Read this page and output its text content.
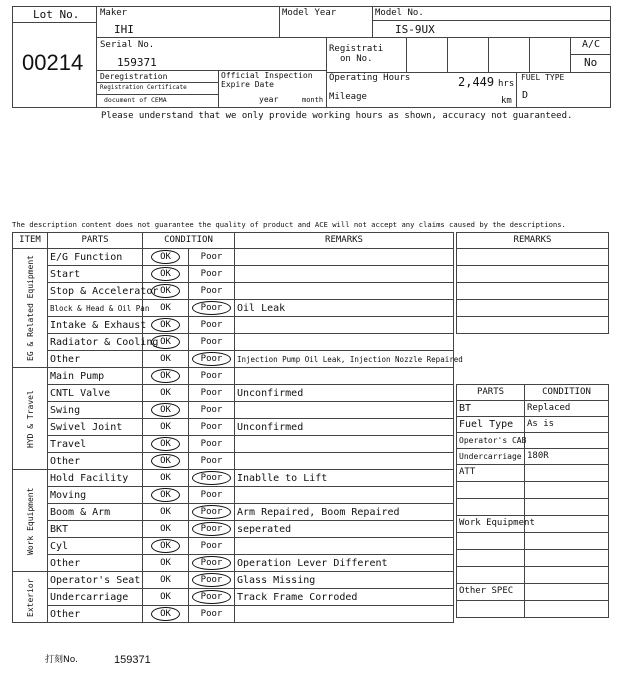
Lot No.
00214
Maker
IHI
Model Year	Model No.
IS-9UX
Serial No.
159371
Registrati
on No.
A/C
No
Deregistration
Registration Certificate
document of CEMA
Official Inspection
Expire Date
year	month
Operating Hours	2,449 hrs
Mileage	km
FUEL TYPE
D
Please understand that we only provide working hours as shown, accuracy not guaranteed.
The description content does not guarantee the quality of product and ACE will not accept any claims caused by the descriptions.
ITEM	PARTS	CONDITION		REMARKS
EG & Related Equipment	E/G Function	OK	Poor	
	Start	OK	Poor	
	Stop & Accelerator	OK	Poor	
	Block & Head & Oil Pan	OK	Poor	Oil Leak
	Intake & Exhaust	OK	Poor	
	Radiator & Cooling	OK	Poor	
	Other	OK	Poor	Injection Pump Oil Leak, Injection Nozzle Repaired
HYD & Travel	Main Pump	OK	Poor	
	CNTL Valve	OK	Poor	Unconfirmed
	Swing	OK	Poor	
	Swivel Joint	OK	Poor	Unconfirmed
	Travel	OK	Poor	
	Other	OK	Poor	
Work Equipment	Hold Facility	OK	Poor	Inablle to Lift
	Moving	OK	Poor	
	Boom & Arm	OK	Poor	Arm Repaired, Boom Repaired
	BKT	OK	Poor	seperated
	Cyl	OK	Poor	
	Other	OK	Poor	Operation Lever Different
Exterior	Operator's Seat	OK	Poor	Glass Missing
	Undercarriage	OK	Poor	Track Frame Corroded
	Other	OK	Poor	
REMARKS

PARTS	CONDITION
BT	Replaced
Fuel Type	As is
Operator's CAB	
Undercarriage	180R
ATT	

Work Equipment	

Other SPEC	

打刻No.	159371
